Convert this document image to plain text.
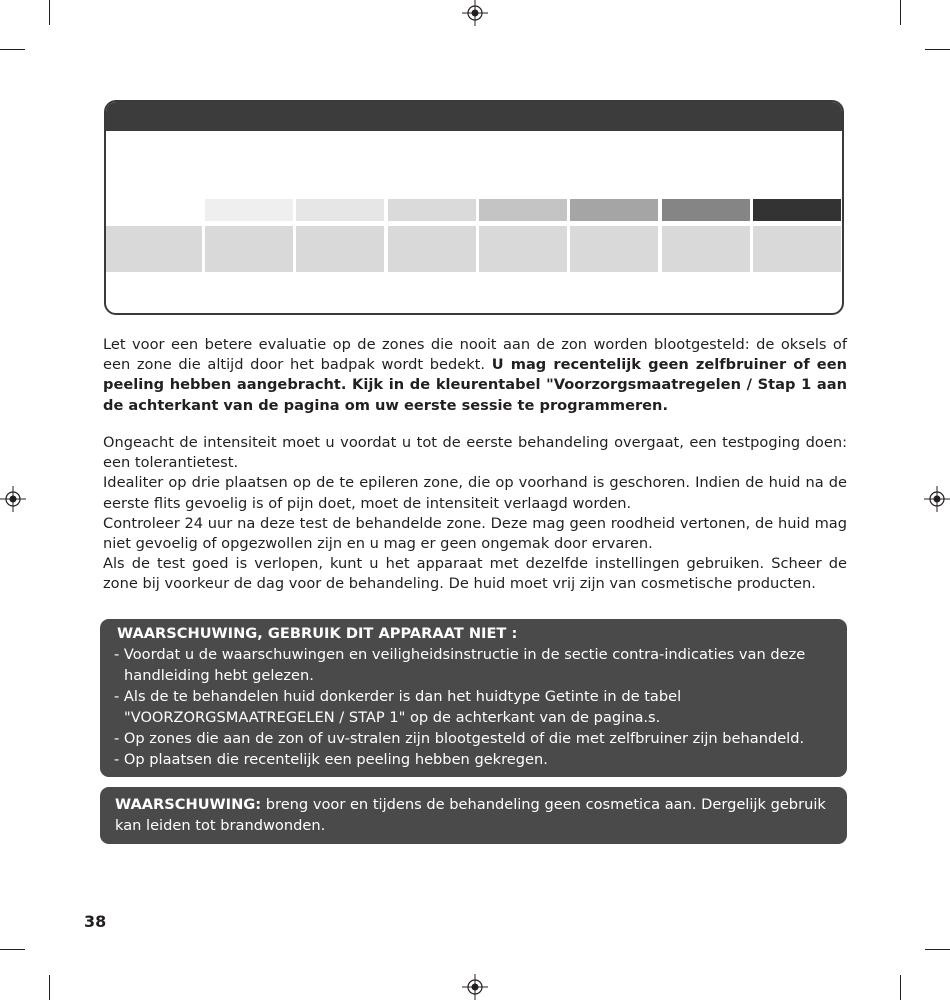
Let voor een betere evaluatie op de zones die nooit aan de zon worden blootgesteld: de oksels of een zone die altijd door het badpak wordt bedekt. U mag recentelijk geen zelfbruiner of een peeling hebben aangebracht. Kijk in de kleurentabel "Voorzorgsmaatregelen / Stap 1 aan de achterkant van de pagina om uw eerste sessie te programmeren.

Ongeacht de intensiteit moet u voordat u tot de eerste behandeling overgaat, een testpoging doen: een tolerantietest.

Idealiter op drie plaatsen op de te epileren zone, die op voorhand is geschoren. Indien de huid na de eerste flits gevoelig is of pijn doet, moet de intensiteit verlaagd worden.

Controleer 24 uur na deze test de behandelde zone. Deze mag geen roodheid vertonen, de huid mag niet gevoelig of opgezwollen zijn en u mag er geen ongemak door ervaren.

Als de test goed is verlopen, kunt u het apparaat met dezelfde instellingen gebruiken. Scheer de zone bij voorkeur de dag voor de behandeling. De huid moet vrij zijn van cosmetische producten.

WAARSCHUWING, GEBRUIK DIT APPARAAT NIET :
- Voordat u de waarschuwingen en veiligheidsinstructie in de sectie contra-indicaties van deze
handleiding hebt gelezen.
- Als de te behandelen huid donkerder is dan het huidtype Getinte in de tabel
"VOORZORGSMAATREGELEN / STAP 1" op de achterkant van de pagina.s.
- Op zones die aan de zon of uv-stralen zijn blootgesteld of die met zelfbruiner zijn behandeld.
- Op plaatsen die recentelijk een peeling hebben gekregen.
WAARSCHUWING: breng voor en tijdens de behandeling geen cosmetica aan. Dergelijk gebruik kan leiden tot brandwonden.
38
